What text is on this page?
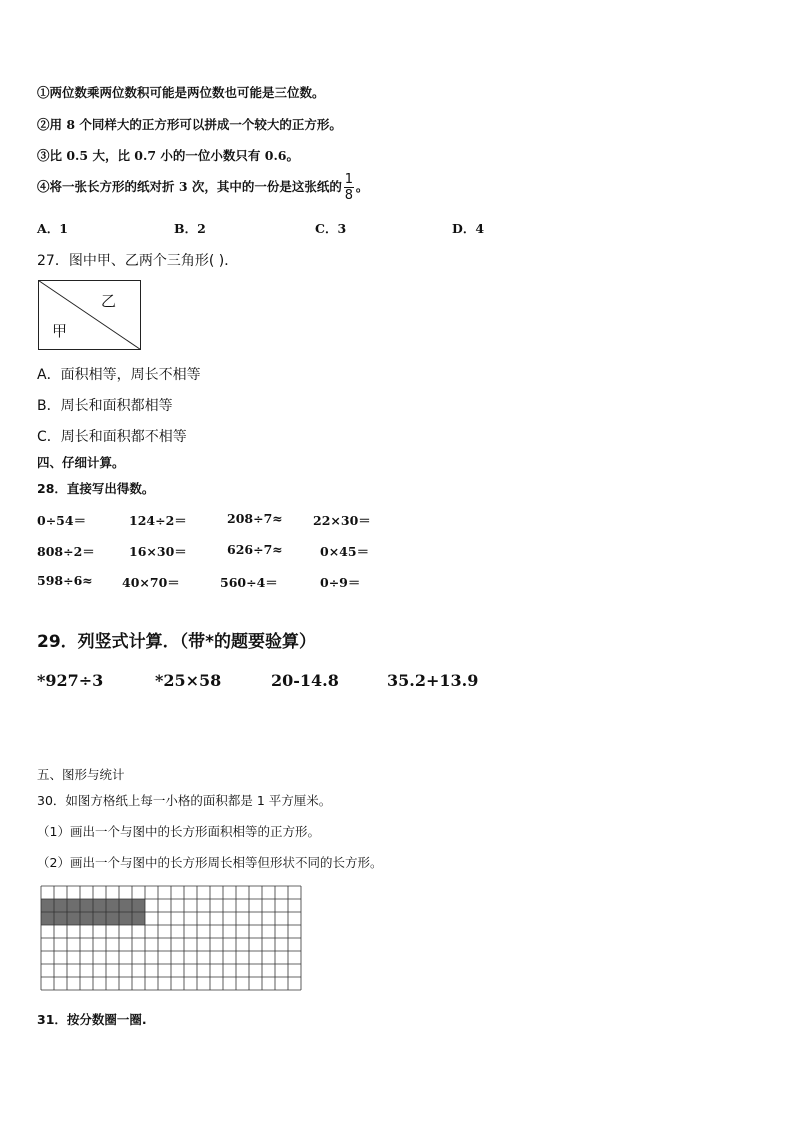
①两位数乘两位数积可能是两位数也可能是三位数。
②用 8 个同样大的正方形可以拼成一个较大的正方形。
③比 0.5 大，比 0.7 小的一位小数只有 0.6。
④将一张长方形的纸对折 3 次，其中的一份是这张纸的 $\frac{1}{8}$ 。
A．1	B．2	C．3	D．4
27．图中甲、乙两个三角形( )．
甲
乙
A．面积相等，周长不相等
B．周长和面积都相等
C．周长和面积都不相等
四、仔细计算。
28．直接写出得数。
0÷54＝	124÷2＝	208÷7≈ 22×30＝
808÷2＝	16×30＝	626÷7≈	0×45＝
598÷6≈ 40×70＝	560÷4＝	0÷9＝
29．列竖式计算．（带*的题要验算）
*927÷3	*25×58	20-14.8	35.2+13.9
五、图形与统计
30．如图方格纸上每一小格的面积都是 1 平方厘米。
（1）画出一个与图中的长方形面积相等的正方形。
（2）画出一个与图中的长方形周长相等但形状不同的长方形。
31．按分数圈一圈.
